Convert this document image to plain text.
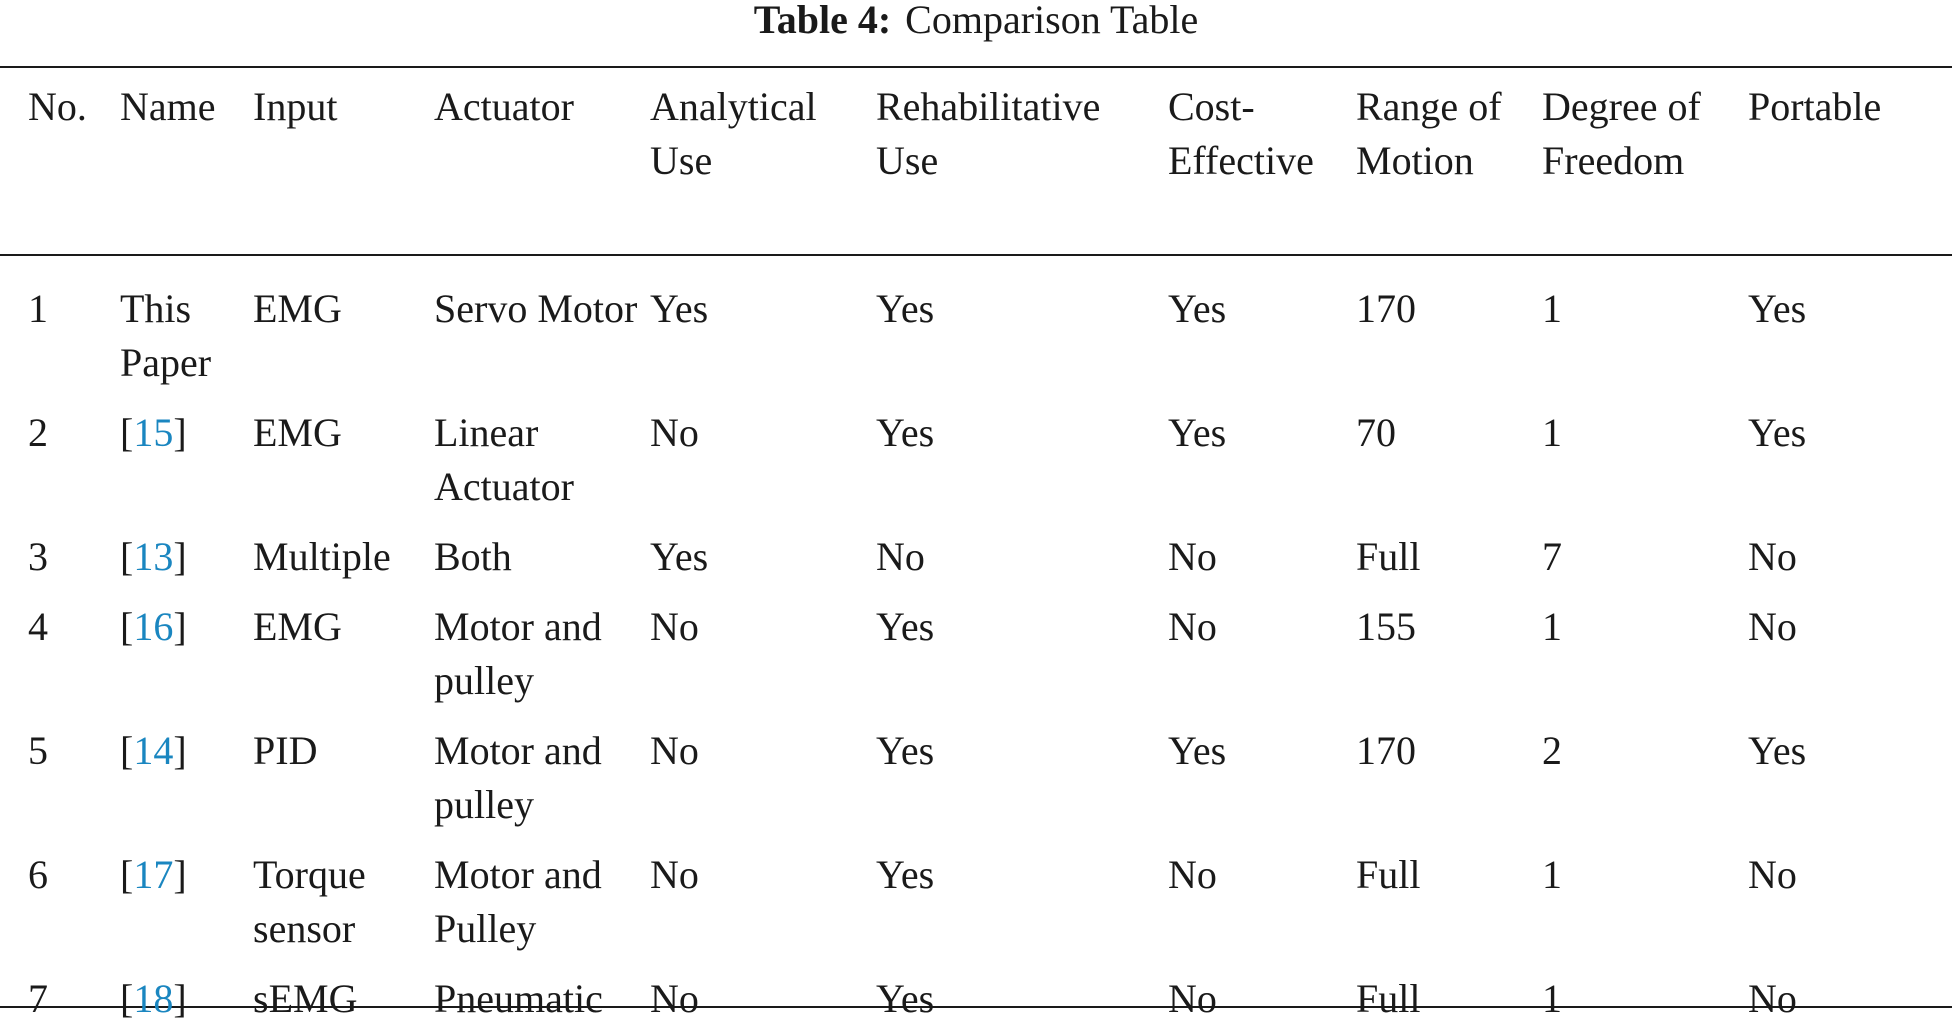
Table 4: Comparison Table
No.	Name	Input	Actuator	Analytical Use	Rehabilitative Use	Cost-Effective	Range of Motion	Degree of Freedom	Portable
1	This Paper	EMG	Servo Motor	Yes	Yes	Yes	170	1	Yes
2	[15]	EMG	Linear Actuator	No	Yes	Yes	70	1	Yes
3	[13]	Multiple	Both	Yes	No	No	Full	7	No
4	[16]	EMG	Motor and pulley	No	Yes	No	155	1	No
5	[14]	PID	Motor and pulley	No	Yes	Yes	170	2	Yes
6	[17]	Torque sensor	Motor and Pulley	No	Yes	No	Full	1	No
7	[18]	sEMG	Pneumatic	No	Yes	No	Full	1	No
